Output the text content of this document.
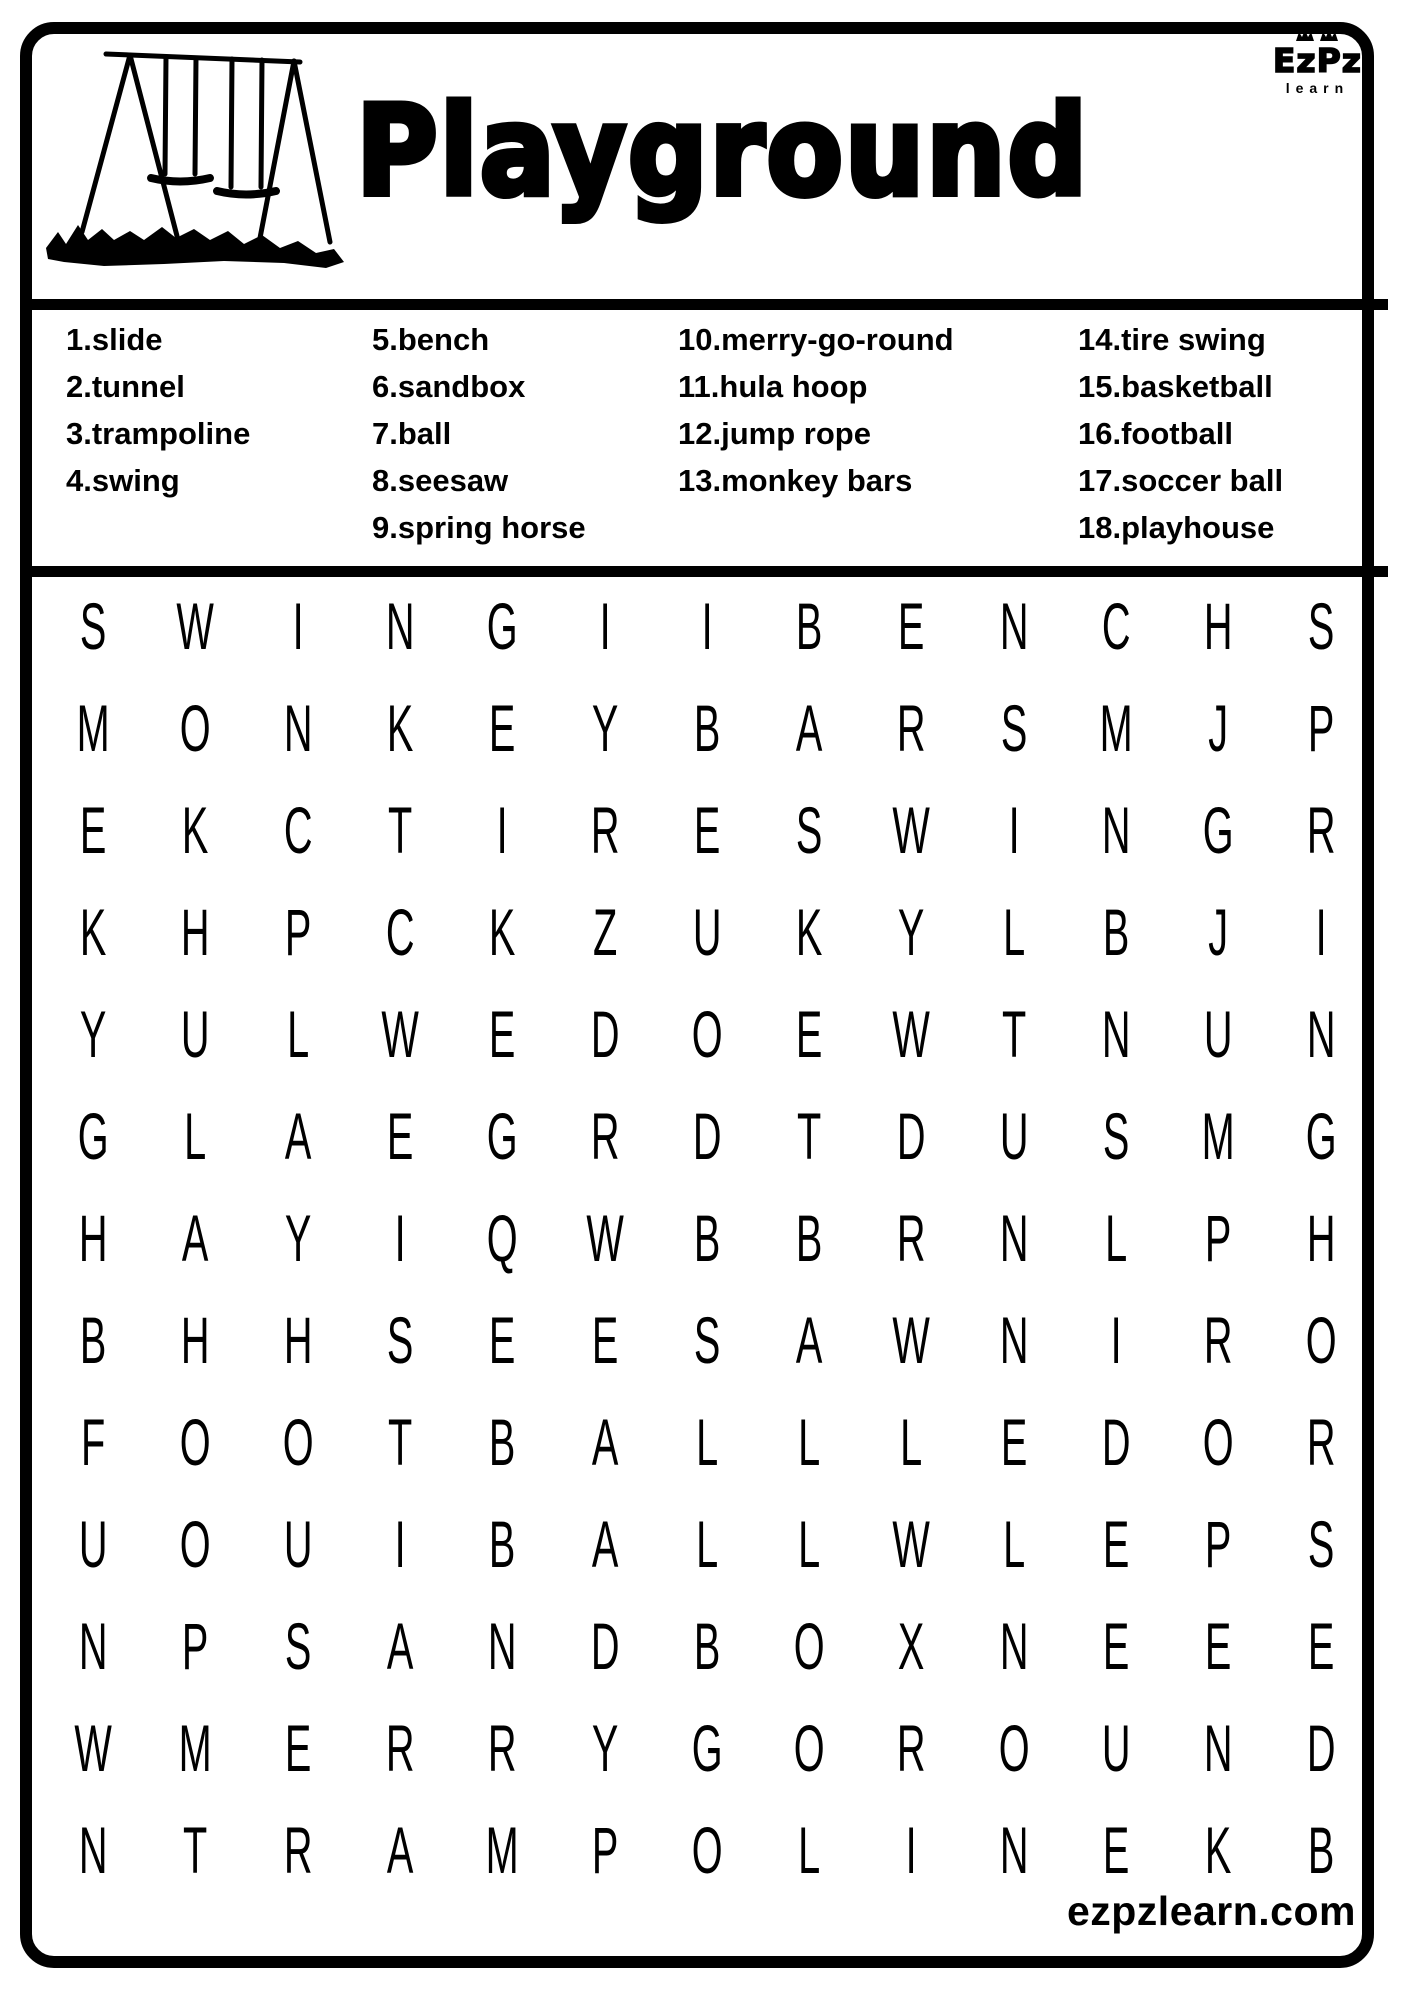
Playground
EzPz
learn
1.slide
2.tunnel
3.trampoline
4.swing
5.bench
6.sandbox
7.ball
8.seesaw
9.spring horse
10.merry-go-round
11.hula hoop
12.jump rope
13.monkey bars
14.tire swing
15.basketball
16.football
17.soccer ball
18.playhouse
S	W	I	N G	I	I	B	E	N C H	S
M O N	K	E	Y	B	A	R	S	M	J	P
E	K	C	T	I	R	E	S	W	I	N G R
K	H	P	C	K	Z	U	K	Y	L	B	J	I
Y	U	L	W	E	D O	E	W	T	N U N
G	L	A	E	G R D	T	D U	S	M G
H	A	Y	I	Q W	B	B	R N	L	P	H
B	H H	S	E	E	S	A	W N	I	R O
F	O O	T	B	A	L	L	L	E	D O R
U O U	I	B	A	L	L	W	L	E	P	S
N	P	S	A	N D	B	O	X	N	E	E	E
W M	E	R R	Y	G O R O U N D
N	T	R	A	M	P	O	L	I	N	E	K	B
ezpzlearn.com
